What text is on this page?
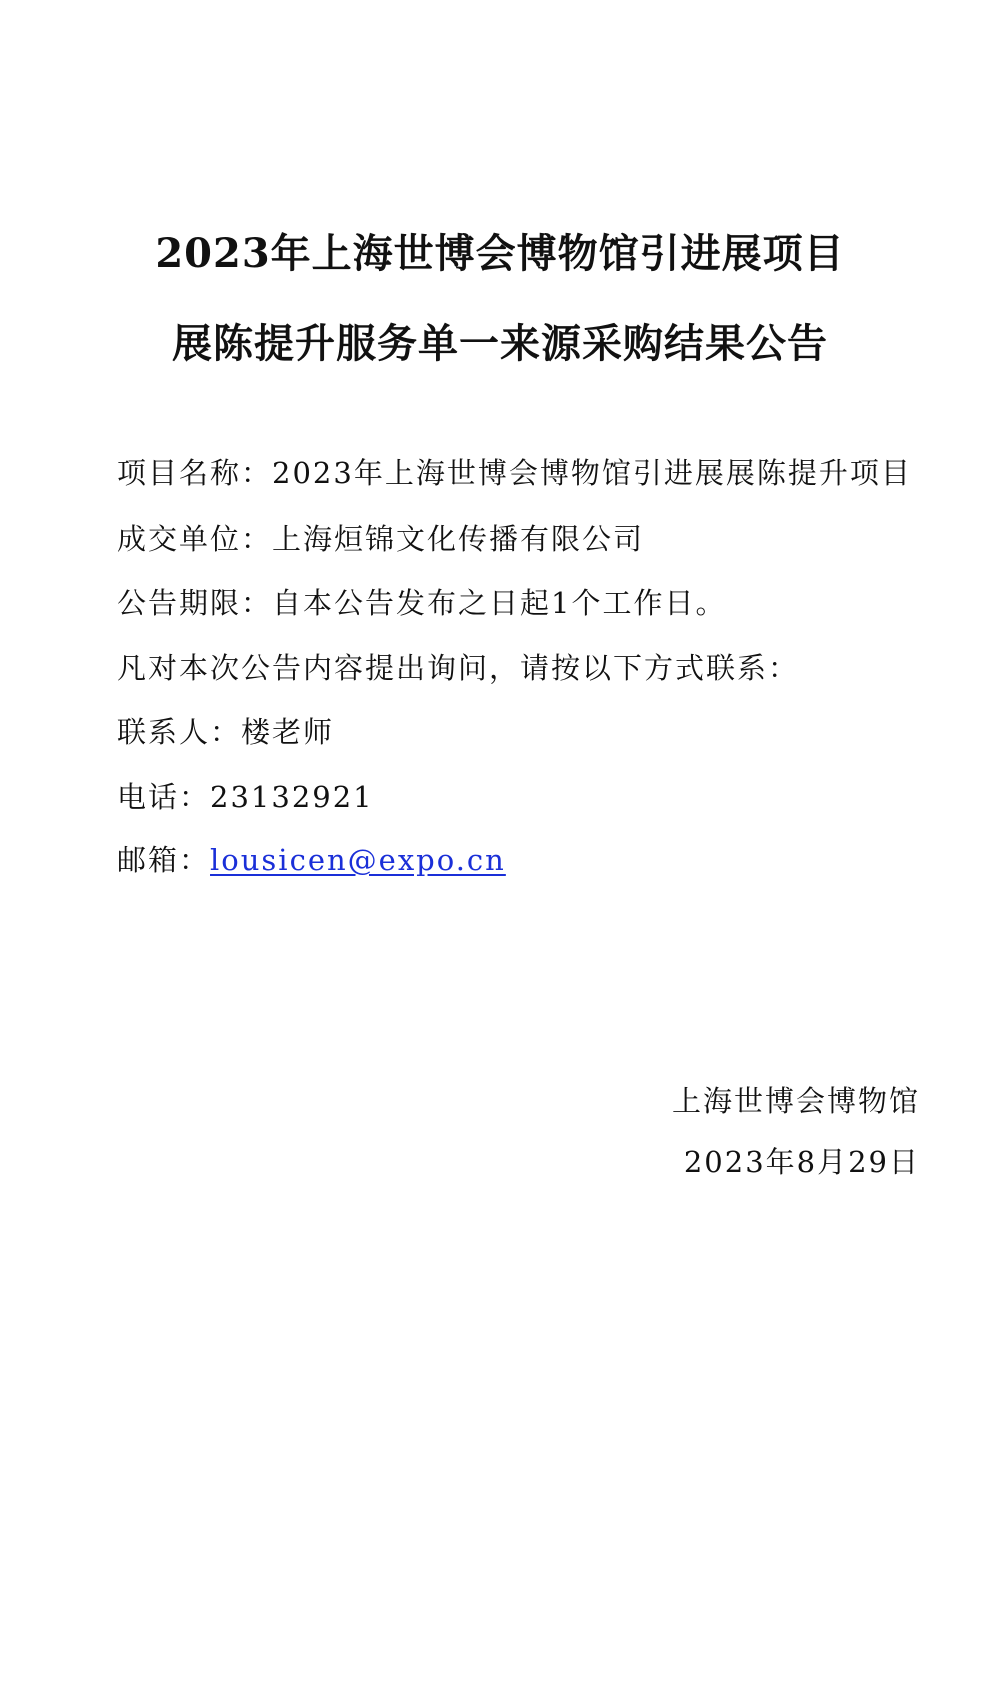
2023年上海世博会博物馆引进展项目
展陈提升服务单一来源采购结果公告
项目名称：2023年上海世博会博物馆引进展展陈提升项目
成交单位：上海烜锦文化传播有限公司
公告期限：自本公告发布之日起1个工作日。
凡对本次公告内容提出询问，请按以下方式联系：
联系人：楼老师
电话：23132921
邮箱：lousicen@expo.cn
上海世博会博物馆
2023年8月29日
